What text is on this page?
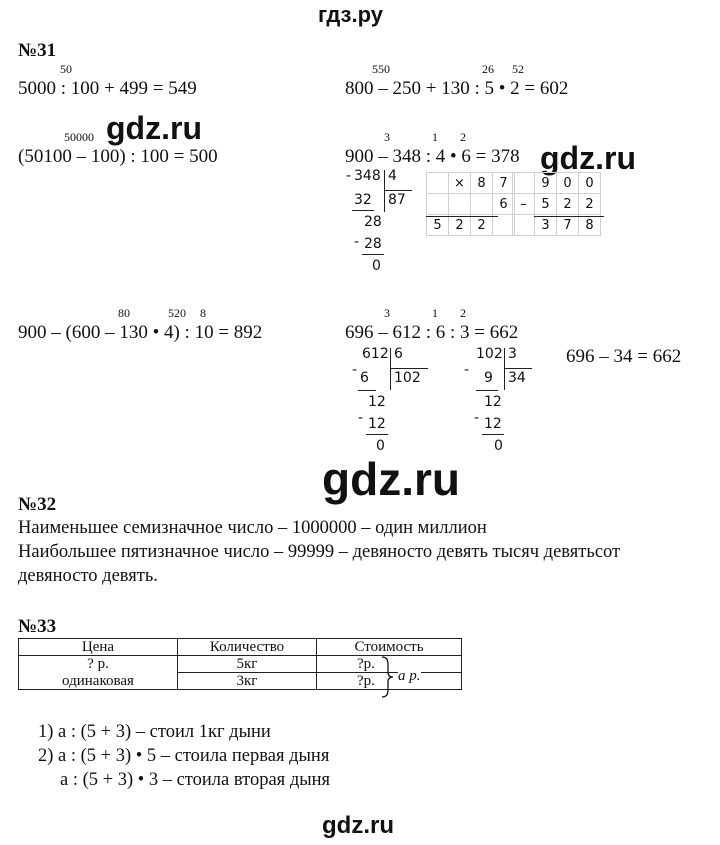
гдз.ру
№31
50
5000 : 100 + 499 = 549
550	26 52
800 – 250 + 130 : 5 • 2 = 602
50000 gdz.ru
(50100 – 100) : 100 = 500
3	1 2
900 – 348 : 4 • 6 = 378 gdz.ru
- 348 4
87
32
28
- 28
0
	×	8	7
			6
5	2	2	
	9	0	0
–	5	2	2
	3	7	8
80	520 8
900 – (600 – 130 • 4) : 10 = 892
3	1 2
696 – 612 : 6 : 3 = 662
696 – 34 = 662
612 6
102
- 6
12
- 12
0
102 3
34
- 9
12
- 12
0
gdz.ru
№32
Наименьшее семизначное число – 1000000 – один миллион
Наибольшее пятизначное число – 99999 – девяносто девять тысяч девятьсот
девяносто девять.
№33
Цена	Количество	Стоимость
? р.	5кг	?р.
одинаковая	3кг	?р. а р.
1) а : (5 + 3) – стоил 1кг дыни
2) а : (5 + 3) • 5 – стоила первая дыня
а : (5 + 3) • 3 – стоила вторая дыня
gdz.ru
